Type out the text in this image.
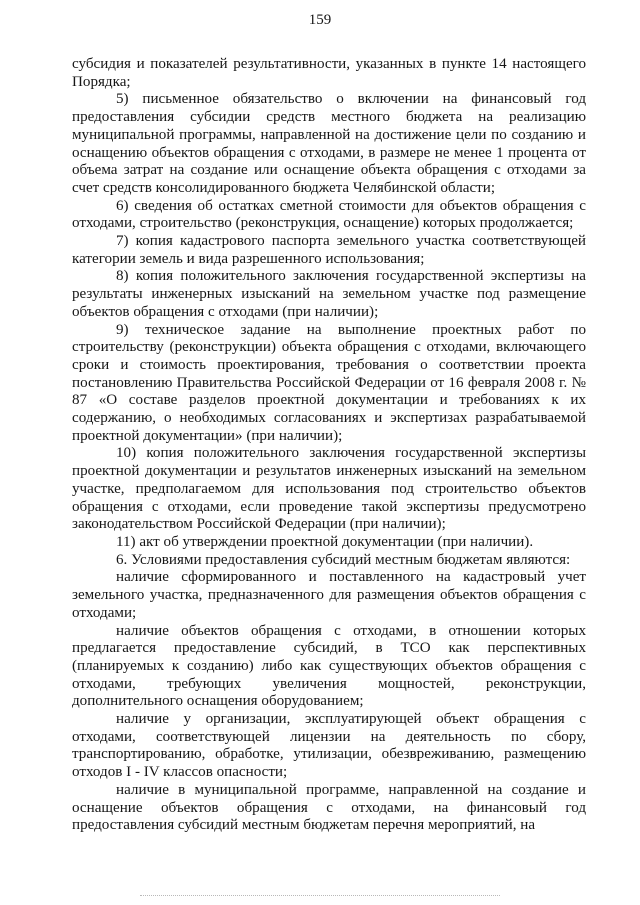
159

субсидия и показателей результативности, указанных в пункте 14 настоящего Порядка;

5) письменное обязательство о включении на финансовый год предоставления субсидии средств местного бюджета на реализацию муниципальной программы, направленной на достижение цели по созданию и оснащению объектов обращения с отходами, в размере не менее 1 процента от объема затрат на создание или оснащение объекта обращения с отходами за счет средств консолидированного бюджета Челябинской области;

6) сведения об остатках сметной стоимости для объектов обращения с отходами, строительство (реконструкция, оснащение) которых продолжается;

7) копия кадастрового паспорта земельного участка соответствующей категории земель и вида разрешенного использования;

8) копия положительного заключения государственной экспертизы на результаты инженерных изысканий на земельном участке под размещение объектов обращения с отходами (при наличии);

9) техническое задание на выполнение проектных работ по строительству (реконструкции) объекта обращения с отходами, включающего сроки и стоимость проектирования, требования о соответствии проекта постановлению Правительства Российской Федерации от 16 февраля 2008 г. № 87 «О составе разделов проектной документации и требованиях к их содержанию, о необходимых согласованиях и экспертизах разрабатываемой проектной документации» (при наличии);

10) копия положительного заключения государственной экспертизы проектной документации и результатов инженерных изысканий на земельном участке, предполагаемом для использования под строительство объектов обращения с отходами, если проведение такой экспертизы предусмотрено законодательством Российской Федерации (при наличии);

11) акт об утверждении проектной документации (при наличии).

6. Условиями предоставления субсидий местным бюджетам являются:

наличие сформированного и поставленного на кадастровый учет земельного участка, предназначенного для размещения объектов обращения с отходами;

наличие объектов обращения с отходами, в отношении которых предлагается предоставление субсидий, в ТСО как перспективных (планируемых к созданию) либо как существующих объектов обращения с отходами, требующих увеличения мощностей, реконструкции, дополнительного оснащения оборудованием;

наличие у организации, эксплуатирующей объект обращения с отходами, соответствующей лицензии на деятельность по сбору, транспортированию, обработке, утилизации, обезвреживанию, размещению отходов I - IV классов опасности;

наличие в муниципальной программе, направленной на создание и оснащение объектов обращения с отходами, на финансовый год предоставления субсидий местным бюджетам перечня мероприятий, на
